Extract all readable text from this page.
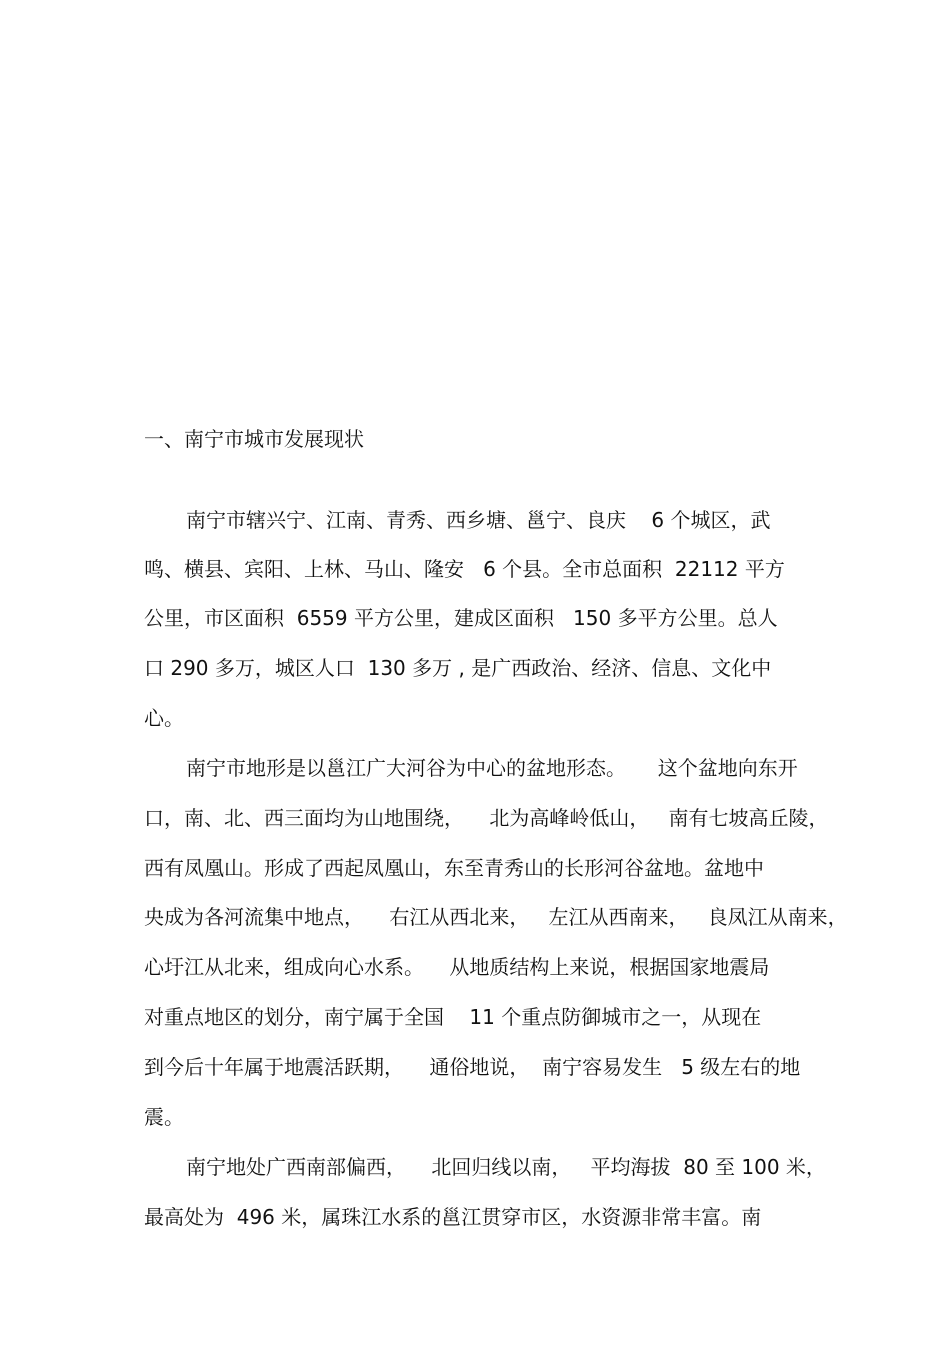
一、南宁市城市发展现状
南宁市辖兴宁、江南、青秀、西乡塘、邕宁、良庆    6 个城区，武
鸣、横县、宾阳、上林、马山、隆安   6 个县。全市总面积  22112 平方
公里，市区面积  6559 平方公里，建成区面积   150 多平方公里。总人
口 290 多万，城区人口  130 多万 , 是广西政治、经济、信息、文化中
心。
南宁市地形是以邕江广大河谷为中心的盆地形态。     这个盆地向东开
口，南、北、西三面均为山地围绕，    北为高峰岭低山，   南有七坡高丘陵，
西有凤凰山。形成了西起凤凰山，东至青秀山的长形河谷盆地。盆地中
央成为各河流集中地点，    右江从西北来，   左江从西南来，   良凤江从南来，
心圩江从北来，组成向心水系。    从地质结构上来说，根据国家地震局
对重点地区的划分，南宁属于全国    11 个重点防御城市之一，从现在
到今后十年属于地震活跃期，    通俗地说，  南宁容易发生   5 级左右的地
震。
南宁地处广西南部偏西，    北回归线以南，   平均海拔  80 至 100 米，
最高处为  496 米，属珠江水系的邕江贯穿市区，水资源非常丰富。南
